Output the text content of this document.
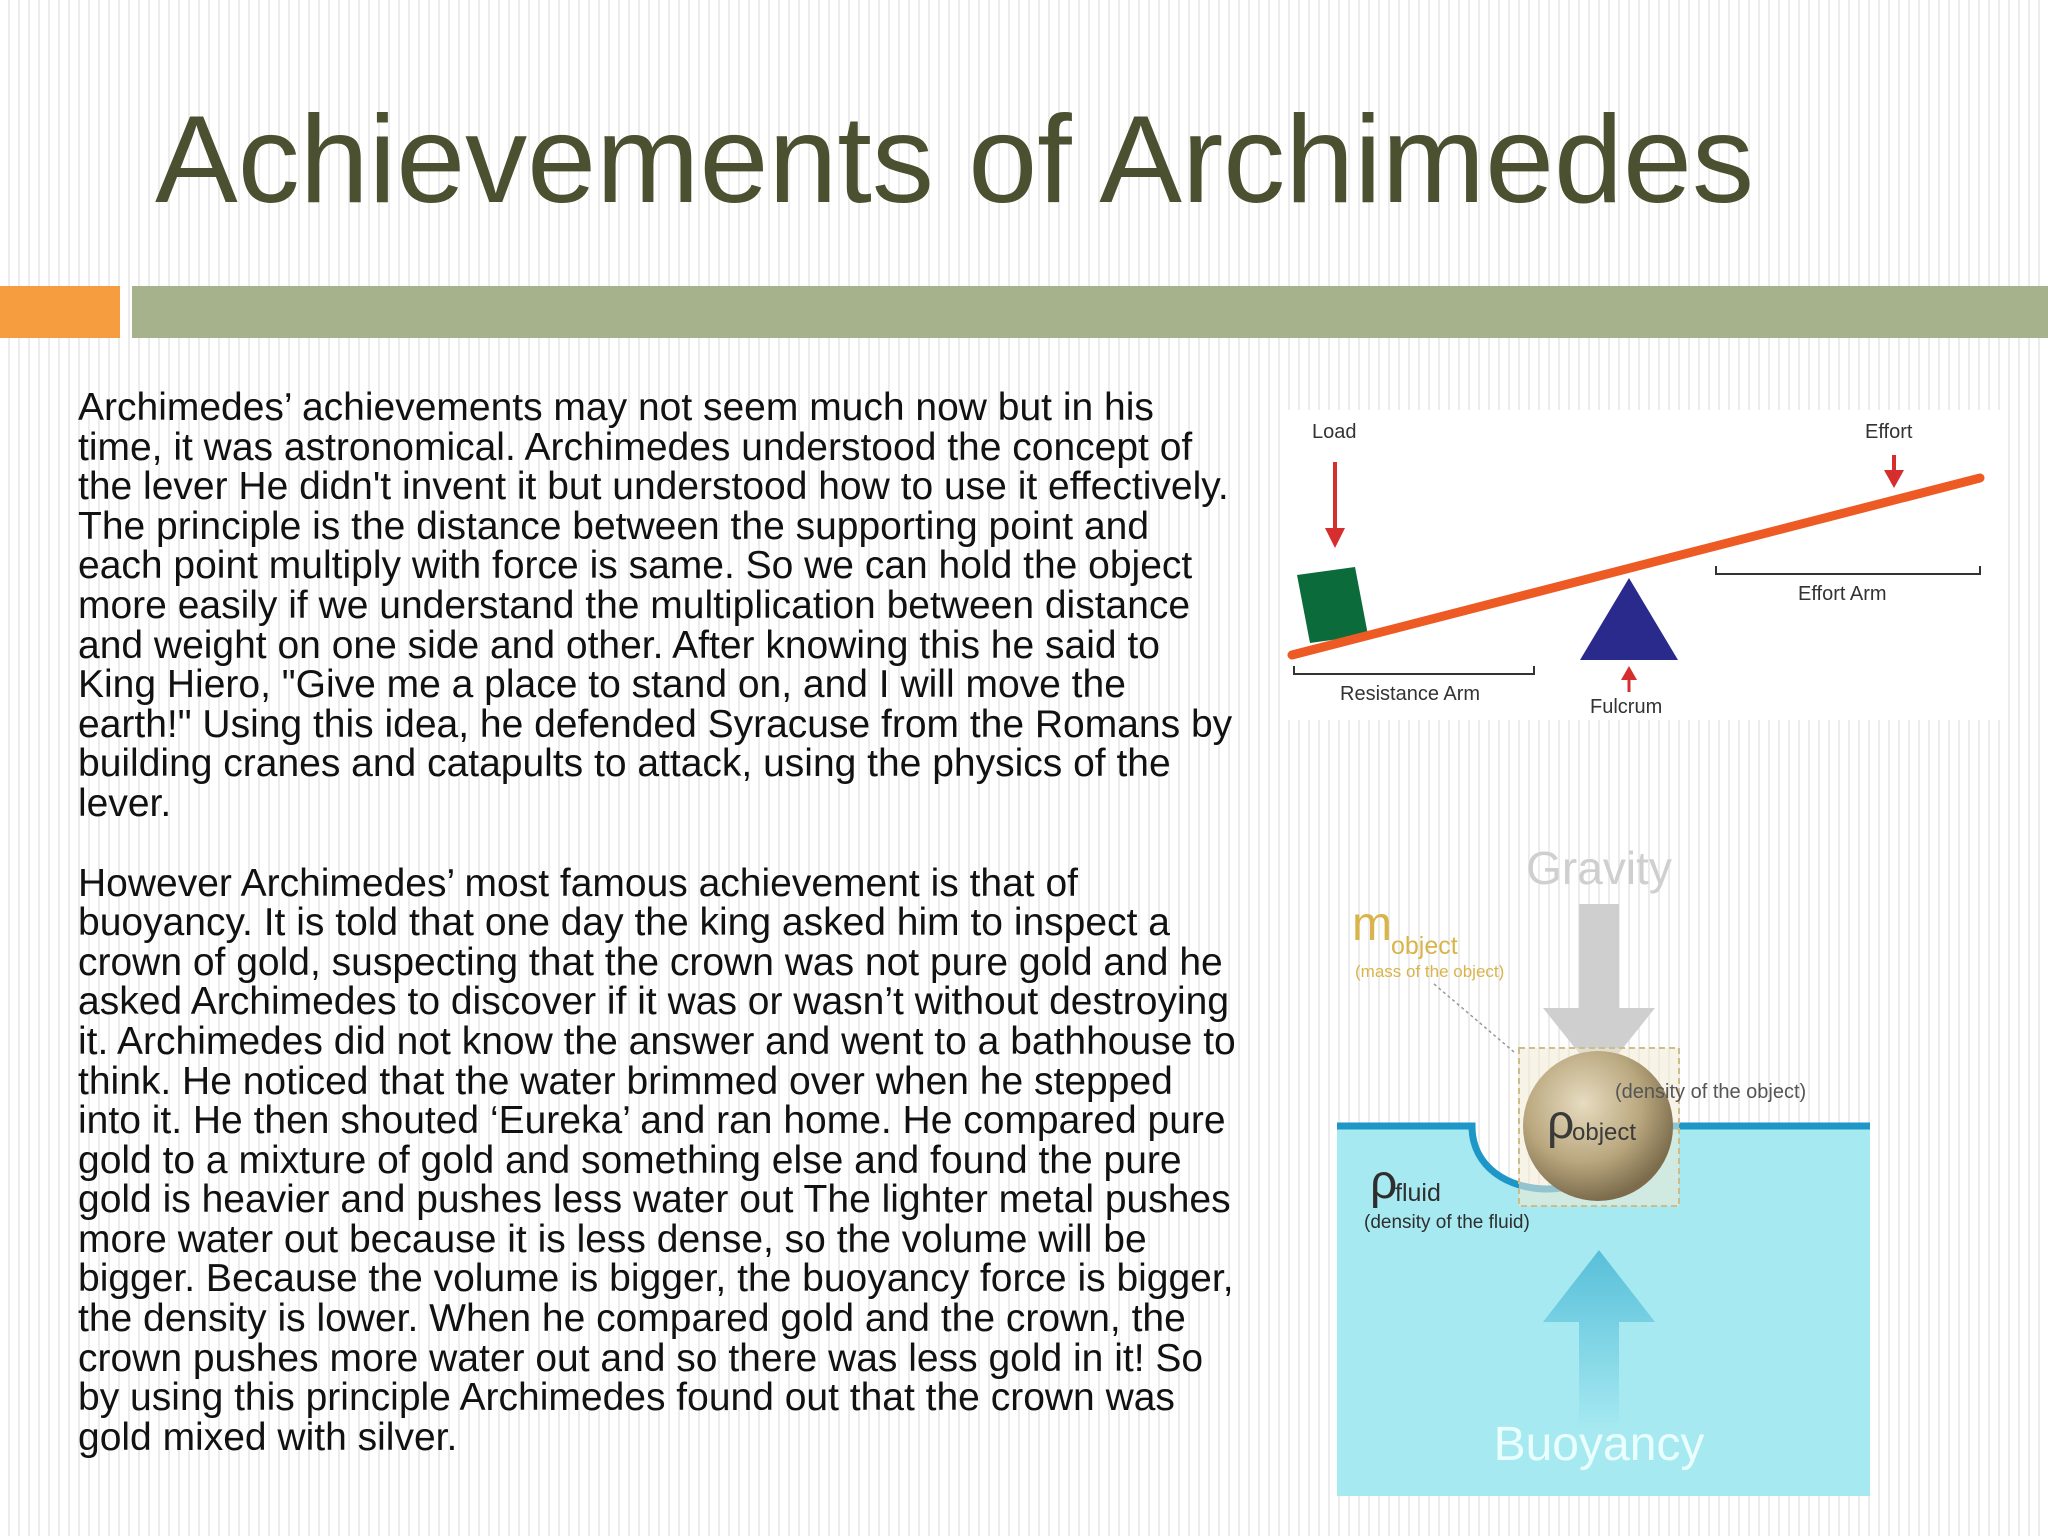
Achievements of Archimedes

Archimedes’ achievements may not seem much now but in his time, it was astronomical. Archimedes understood the concept of the lever He didn't invent it but understood how to use it effectively. The principle is the distance between the supporting point and each point multiply with force is same. So we can hold the object more easily if we understand the multiplication between distance and weight on one side and other. After knowing this he said to King Hiero, "Give me a place to stand on, and I will move the earth!" Using this idea, he defended Syracuse from the Romans by building cranes and catapults to attack, using the physics of the lever.

However Archimedes’ most famous achievement is that of buoyancy. It is told that one day the king asked him to inspect a crown of gold, suspecting that the crown was not pure gold and he asked Archimedes to discover if it was or wasn’t without destroying it. Archimedes did not know the answer and went to a bathhouse to think. He noticed that the water brimmed over when he stepped into it. He then shouted ‘Eureka’ and ran home. He compared pure gold to a mixture of gold and something else and found the pure gold is heavier and pushes less water out The lighter metal pushes more water out because it is less dense, so the volume will be bigger. Because the volume is bigger, the buoyancy force is bigger, the density is lower. When he compared gold and the crown, the crown pushes more water out and so there was less gold in it! So by using this principle Archimedes found out that the crown was gold mixed with silver.

Load	Effort
Fulcrum
Resistance Arm
Effort Arm
Gravity
ρ
object
(density of the object)
m object
(mass of the object)
ρ
fluid
(density of the fluid)
Buoyancy
